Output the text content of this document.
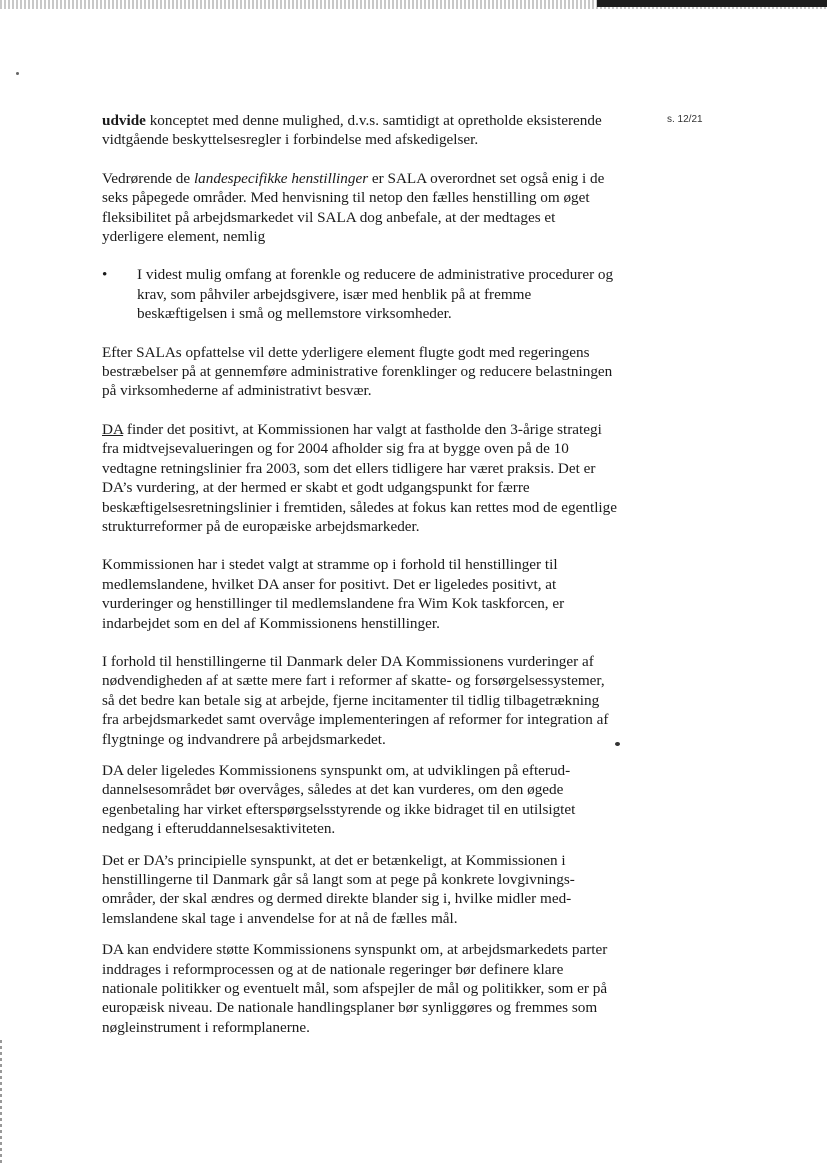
s. 12/21

udvide konceptet med denne mulighed, d.v.s. samtidigt at opretholde eksisterende vidtgående beskyttelsesregler i forbindelse med afskedigelser.

Vedrørende de landespecifikke henstillinger er SALA overordnet set også enig i de seks påpegede områder. Med henvisning til netop den fælles henstilling om øget fleksibilitet på arbejdsmarkedet vil SALA dog anbefale, at der medtages et yderligere element, nemlig

• I videst mulig omfang at forenkle og reducere de administrative procedurer og krav, som påhviler arbejdsgivere, især med henblik på at fremme beskæftigelsen i små og mellemstore virksomheder.

Efter SALAs opfattelse vil dette yderligere element flugte godt med regeringens bestræbelser på at gennemføre administrative forenklinger og reducere belastningen på virksomhederne af administrativt besvær.

DA finder det positivt, at Kommissionen har valgt at fastholde den 3-årige strategi fra midtvejsevalueringen og for 2004 afholder sig fra at bygge oven på de 10 vedtagne retningslinier fra 2003, som det ellers tidligere har været praksis. Det er DA’s vurdering, at der hermed er skabt et godt udgangspunkt for færre beskæftigelsesretningslinier i fremtiden, således at fokus kan rettes mod de egentlige strukturreformer på de europæiske arbejdsmarkeder.

Kommissionen har i stedet valgt at stramme op i forhold til henstillinger til medlemslandene, hvilket DA anser for positivt. Det er ligeledes positivt, at vurderinger og henstillinger til medlemslandene fra Wim Kok taskforcen, er indarbejdet som en del af Kommissionens henstillinger.

I forhold til henstillingerne til Danmark deler DA Kommissionens vurderinger af nødvendigheden af at sætte mere fart i reformer af skatte- og forsørgelsessystemer, så det bedre kan betale sig at arbejde, fjerne incitamenter til tidlig tilbagetrækning fra arbejdsmarkedet samt overvåge implementeringen af reformer for integration af flygtninge og indvandrere på arbejdsmarkedet.

DA deler ligeledes Kommissionens synspunkt om, at udviklingen på efteruddannelsesområdet bør overvåges, således at det kan vurderes, om den øgede egenbetaling har virket efterspørgselsstyrende og ikke bidraget til en utilsigtet nedgang i efteruddannelsesaktiviteten.

Det er DA’s principielle synspunkt, at det er betænkeligt, at Kommissionen i henstillingerne til Danmark går så langt som at pege på konkrete lovgivningsområder, der skal ændres og dermed direkte blander sig i, hvilke midler medlemslandene skal tage i anvendelse for at nå de fælles mål.

DA kan endvidere støtte Kommissionens synspunkt om, at arbejdsmarkedets parter inddrages i reformprocessen og at de nationale regeringer bør definere klare nationale politikker og eventuelt mål, som afspejler de mål og politikker, som er på europæisk niveau. De nationale handlingsplaner bør synliggøres og fremmes som nøgleinstrument i reformplanerne.
